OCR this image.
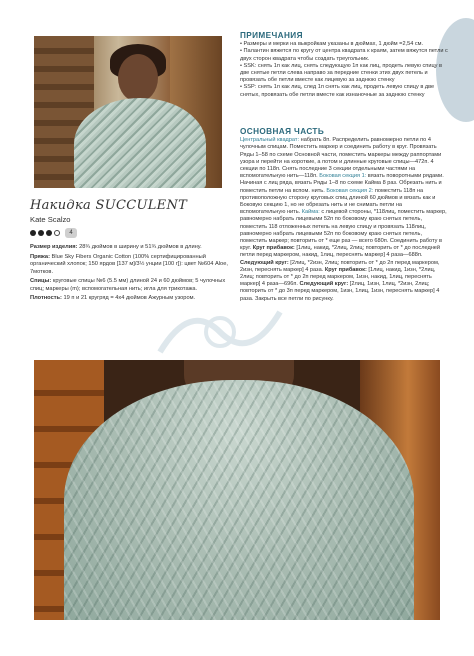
ПРИМЕЧАНИЯ
• Размеры и мерки на выкройкам указаны в дюймах, 1 дюйм =2,54 см.
• Палантин вяжется по кругу от центра квадрата к краям, затем вяжутся петли с двух сторон квадрата чтобы создать треугольник.
• SSK: снять 1п как лиц, снять следующую 1п как лиц, продеть левую спицу в две снятые петли слева направо за передние стенки этих двух петель и провязать обе петли вместе как лицевую за заднюю стенку
• SSP: снять 1п как лиц, след 1п снять как лиц, продеть левую спицу в две снятых, провязать обе петли вместе как изнаночные за заднюю стенку
ОСНОВНАЯ ЧАСТЬ
Центральный квадрат: набрать 8п. Распределить равномерно петли по 4 чулочным спицам. Поместить маркер и соединить работу в круг. Провязать Ряды 1–58 по схеме Основной части, поместить маркеры между раппортами узора и перейти на короткие, а потом и длинные круговые спицы—472п. 4 секции по 118п. Снять последние 3 секции отдельными частями на вспомогательную нить—118п. Боковая секция 1: вязать поворотными рядами. Начиная с лиц ряда, вязать Ряды 1–8 по схеме Кайма 8 раз. Обрезать нить и поместить петли на вспом. нить. Боковая секция 2: поместить 118п на противоположную сторону круговых спиц длиной 60 дюймов и вязать как и Боковую секцию 1, но не обрезать нить и не снимать петли на вспомогательную нить. Кайма: с лицевой стороны, *118лиц, поместить маркер, равномерно набрать лицевыми 52п по боковому краю снятых петель, поместить 118 отложенных петель на левую спицу и провязать 118лиц, равномерно набрать лицевыми 52п по боковому краю снятых петель, поместить маркер; повторить от * еще раз — всего 680п. Соединить работу в круг. Круг прибавок: [1лиц, накид, *2лиц, 2лиц; повторить от * до последней петли перед маркером, накид, 1лиц, переснять маркер] 4 раза—688п. Следующий круг: [2лиц, *2изн, 2лиц; повторить от * до 2п перед маркером, 2изн, переснять маркер] 4 раза. Круг прибавок: [1лиц, накид, 1изн, *2лиц, 2лиц; повторить от * до 2п перед маркером, 1изн, накид, 1лиц, переснять маркер] 4 раза—696п. Следующий круг: [2лиц, 1изн, 1лиц, *2изн, 2лиц; повторить от * до 3п перед маркером, 1изн, 1лиц, 1изн, переснять маркер] 4 раза. Закрыть все петли по рисунку.
Накидка SUCCULENT
Kate Scalzo
4

Размер изделия: 28¾ дюймов в ширину и 51¾ дюймов в длину.

Пряжа: Blue Sky Fibers Organic Cotton (100% сертифицированный органический хлопок; 150 ярдов [137 м]/3½ унции [100 г]): цвет №604 Aloe, 7мотков.

Спицы: круговые спицы №6 (5.5 мм) длиной 24 и 60 дюймов; 5 чулочных спиц; маркеры (m); вспомогательная нить; игла для трикотажа.

Плотность: 19 п и 21 кругряд = 4x4 дюймов Ажурным узором.
